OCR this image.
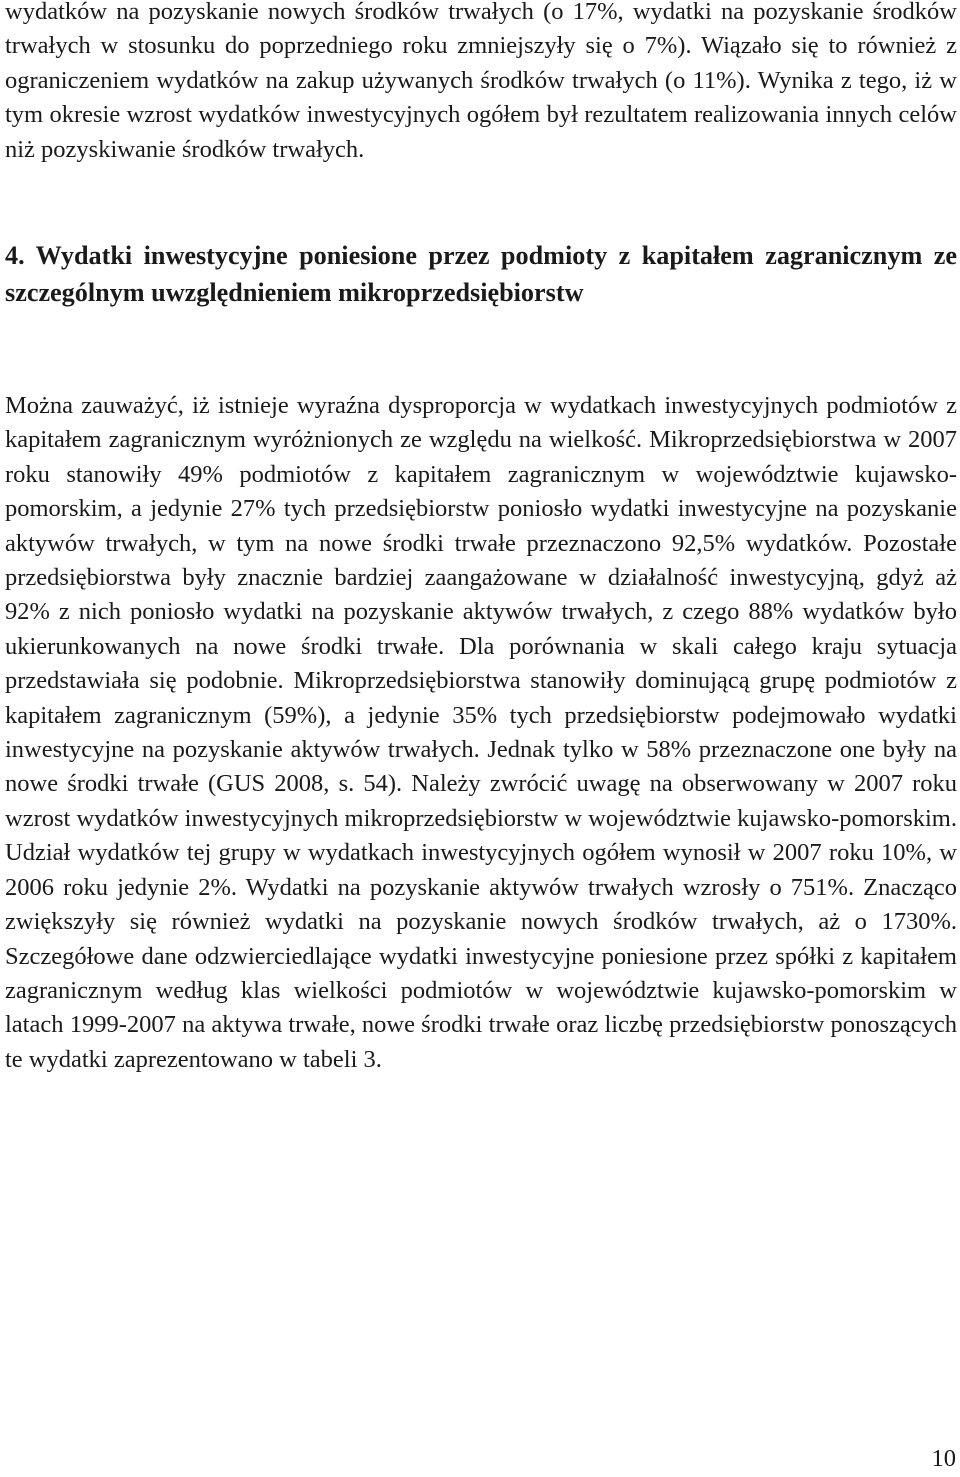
wydatków na pozyskanie nowych środków trwałych (o 17%, wydatki na pozyskanie środków trwałych w stosunku do poprzedniego roku zmniejszyły się o 7%). Wiązało się to również z ograniczeniem wydatków na zakup używanych środków trwałych (o 11%). Wynika z tego, iż w tym okresie wzrost wydatków inwestycyjnych ogółem był rezultatem realizowania innych celów niż pozyskiwanie środków trwałych.

4. Wydatki inwestycyjne poniesione przez podmioty z kapitałem zagranicznym ze szczególnym uwzględnieniem mikroprzedsiębiorstw

Można zauważyć, iż istnieje wyraźna dysproporcja w wydatkach inwestycyjnych podmiotów z kapitałem zagranicznym wyróżnionych ze względu na wielkość. Mikroprzedsiębiorstwa w 2007 roku stanowiły 49% podmiotów z kapitałem zagranicznym w województwie kujawsko-pomorskim, a jedynie 27% tych przedsiębiorstw poniosło wydatki inwestycyjne na pozyskanie aktywów trwałych, w tym na nowe środki trwałe przeznaczono 92,5% wydatków. Pozostałe przedsiębiorstwa były znacznie bardziej zaangażowane w działalność inwestycyjną, gdyż aż 92% z nich poniosło wydatki na pozyskanie aktywów trwałych, z czego 88% wydatków było ukierunkowanych na nowe środki trwałe. Dla porównania w skali całego kraju sytuacja przedstawiała się podobnie. Mikroprzedsiębiorstwa stanowiły dominującą grupę podmiotów z kapitałem zagranicznym (59%), a jedynie 35% tych przedsiębiorstw podejmowało wydatki inwestycyjne na pozyskanie aktywów trwałych. Jednak tylko w 58% przeznaczone one były na nowe środki trwałe (GUS 2008, s. 54). Należy zwrócić uwagę na obserwowany w 2007 roku wzrost wydatków inwestycyjnych mikroprzedsiębiorstw w województwie kujawsko-pomorskim. Udział wydatków tej grupy w wydatkach inwestycyjnych ogółem wynosił w 2007 roku 10%, w 2006 roku jedynie 2%. Wydatki na pozyskanie aktywów trwałych wzrosły o 751%. Znacząco zwiększyły się również wydatki na pozyskanie nowych środków trwałych, aż o 1730%. Szczegółowe dane odzwierciedlające wydatki inwestycyjne poniesione przez spółki z kapitałem zagranicznym według klas wielkości podmiotów w województwie kujawsko-pomorskim w latach 1999-2007 na aktywa trwałe, nowe środki trwałe oraz liczbę przedsiębiorstw ponoszących te wydatki zaprezentowano w tabeli 3.

10
